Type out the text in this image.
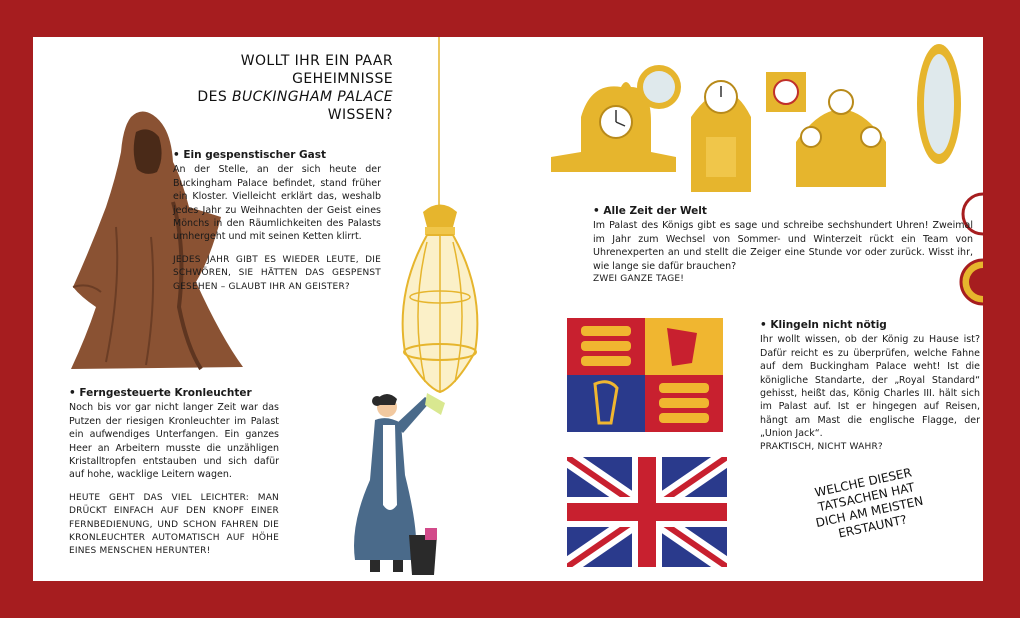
WOLLT IHR EIN PAAR GEHEIMNISSE
DES BUCKINGHAM PALACE WISSEN?
• Ein gespenstischer Gast
An der Stelle, an der sich heute der Buckingham Palace befindet, stand früher ein Kloster. Vielleicht erklärt das, weshalb jedes Jahr zu Weihnachten der Geist eines Mönchs in den Räumlichkeiten des Palasts umhergeht und mit seinen Ketten klirrt.
JEDES JAHR GIBT ES WIEDER LEUTE, DIE SCHWÖREN, SIE HÄTTEN DAS GESPENST GESEHEN – GLAUBT IHR AN GEISTER?
• Ferngesteuerte Kronleuchter
Noch bis vor gar nicht langer Zeit war das Putzen der riesigen Kronleuchter im Palast ein aufwendiges Unterfangen. Ein ganzes Heer an Arbeitern musste die unzähligen Kristalltropfen entstauben und sich dafür auf hohe, wacklige Leitern wagen.
HEUTE GEHT DAS VIEL LEICHTER: MAN DRÜCKT EINFACH AUF DEN KNOPF EINER FERNBEDIENUNG, UND SCHON FAHREN DIE KRONLEUCHTER AUTOMATISCH AUF HÖHE EINES MENSCHEN HERUNTER!
• Alle Zeit der Welt
Im Palast des Königs gibt es sage und schreibe sechshundert Uhren! Zweimal im Jahr zum Wechsel von Sommer- und Winterzeit rückt ein Team von Uhrenexperten an und stellt die Zeiger eine Stunde vor oder zurück. Wisst ihr, wie lange sie dafür brauchen?
ZWEI GANZE TAGE!
• Klingeln nicht nötig
Ihr wollt wissen, ob der König zu Hause ist? Dafür reicht es zu überprüfen, welche Fahne auf dem Buckingham Palace weht! Ist die königliche Standarte, der „Royal Standard“ gehisst, heißt das, König Charles III. hält sich im Palast auf. Ist er hingegen auf Reisen, hängt am Mast die englische Flagge, der „Union Jack“.
PRAKTISCH, NICHT WAHR?
WELCHE DIESER TATSACHEN HAT DICH AM MEISTEN ERSTAUNT?
